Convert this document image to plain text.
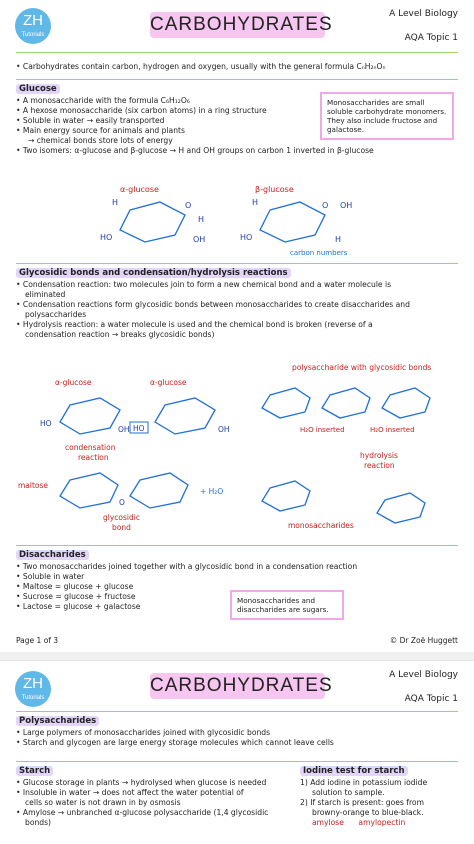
ZH
Tutorials	CARBOHYDRATES	A Level Biology
AQA Topic 1
• Carbohydrates contain carbon, hydrogen and oxygen, usually with the general formula CₙH₂ₙOₙ
Glucose
• A monosaccharide with the formula C₆H₁₂O₆
• A hexose monosaccharide (six carbon atoms) in a ring structure
• Soluble in water → easily transported
• Main energy source for animals and plants
→ chemical bonds store lots of energy
• Two isomers: α-glucose and β-glucose → H and OH groups on carbon 1 inverted in β-glucose
Monosaccharides are small soluble carbohydrate monomers. They also include fructose and galactose.
α-glucose
H	O
H
HO	OH
β-glucose
H	O OH
HO	H
carbon numbers
Glycosidic bonds and condensation/hydrolysis reactions
• Condensation reaction: two molecules join to form a new chemical bond and a water molecule is
eliminated
• Condensation reactions form glycosidic bonds between monosaccharides to create disaccharides and
polysaccharides
• Hydrolysis reaction: a water molecule is used and the chemical bond is broken (reverse of a
condensation reaction → breaks glycosidic bonds)
α-glucose	α-glucose
HO
OH HO	OH
condensation
reaction
maltose
O
+ H₂O
glycosidic
bond
polysaccharide with glycosidic bonds
H₂O inserted	H₂O inserted
hydrolysis
reaction
monosaccharides
Disaccharides
• Two monosaccharides joined together with a glycosidic bond in a condensation reaction
• Soluble in water
• Maltose = glucose + glucose
• Sucrose = glucose + fructose
• Lactose = glucose + galactose
Monosaccharides and disaccharides are sugars.
Page 1 of 3	© Dr Zoë Huggett
ZH
Tutorials
CARBOHYDRATES	A Level Biology
AQA Topic 1
Polysaccharides
• Large polymers of monosaccharides joined with glycosidic bonds
• Starch and glycogen are large energy storage molecules which cannot leave cells
Starch
• Glucose storage in plants → hydrolysed when glucose is needed
• Insoluble in water → does not affect the water potential of
cells so water is not drawn in by osmosis
• Amylose → unbranched α-glucose polysaccharide (1,4 glycosidic
bonds)
Iodine test for starch
1) Add iodine in potassium iodide
solution to sample.
2) If starch is present: goes from
browny-orange to blue-black.
amylose amylopectin
